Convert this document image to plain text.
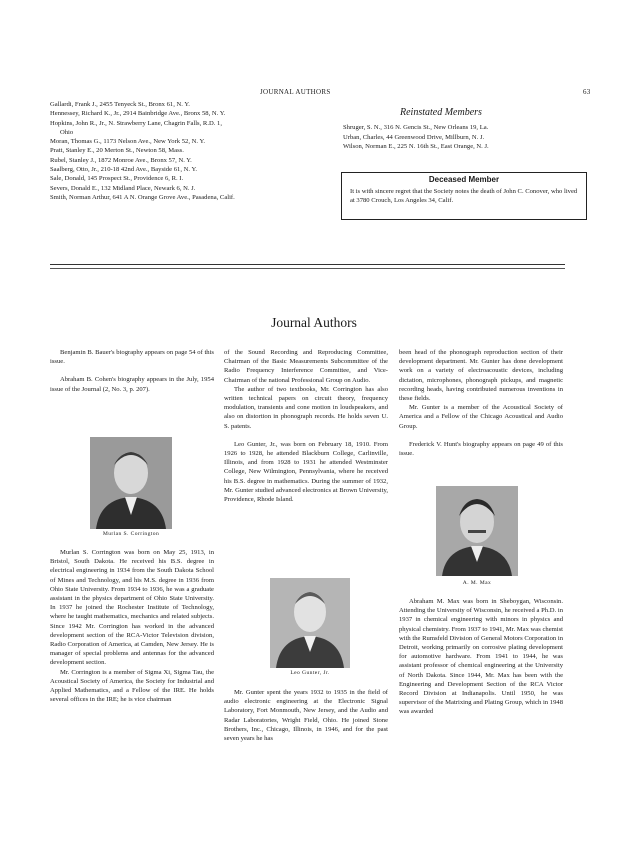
JOURNAL AUTHORS	63
Gallardi, Frank J., 2455 Tenyeck St., Bronx 61, N. Y.
Hennessey, Richard K., Jr., 2914 Bainbridge Ave., Bronx 58, N. Y.
Hopkins, John R., Jr., N. Strawberry Lane, Chagrin Falls, R.D. 1,
Ohio
Moran, Thomas G., 1173 Nelson Ave., New York 52, N. Y.
Pratt, Stanley E., 20 Merton St., Newton 58, Mass.
Rubel, Stanley J., 1872 Monroe Ave., Bronx 57, N. Y.
Saalberg, Otto, Jr., 210-18 42nd Ave., Bayside 61, N. Y.
Sale, Donald, 145 Prospect St., Providence 6, R. I.
Severs, Donald E., 132 Midland Place, Newark 6, N. J.
Smith, Norman Arthur, 641 A N. Orange Grove Ave., Pasadena, Calif.
Reinstated Members
Shruger, S. N., 316 N. Gencis St., New Orleans 19, La.
Urban, Charles, 44 Greenwood Drive, Millburn, N. J.
Wilson, Norman E., 225 N. 16th St., East Orange, N. J.
Deceased Member
It is with sincere regret that the Society notes the death of John C. Conover, who lived at 3780 Crouch, Los Angeles 34, Calif.
Journal Authors

Benjamin B. Bauer's biography appears on page 54 of this issue.

Abraham B. Cohen's biography appears in the July, 1954 issue of the Journal (2, No. 3, p. 207).

Murlan S. Corrington

Murlan S. Corrington was born on May 25, 1913, in Bristol, South Dakota. He received his B.S. degree in electrical engineering in 1934 from the South Dakota School of Mines and Technology, and his M.S. degree in 1936 from Ohio State University. From 1934 to 1936, he was a graduate assistant in the physics department of Ohio State University. In 1937 he joined the Rochester Institute of Technology, where he taught mathematics, mechanics and related subjects. Since 1942 Mr. Corrington has worked in the advanced development section of the RCA-Victor Television division, Radio Corporation of America, at Camden, New Jersey. He is manager of special problems and antennas for the advanced development section.

Mr. Corrington is a member of Sigma Xi, Sigma Tau, the Acoustical Society of America, the Society for Industrial and Applied Mathematics, and a Fellow of the IRE. He holds several offices in the IRE; he is vice chairman

of the Sound Recording and Reproducing Committee, Chairman of the Basic Measurements Subcommittee of the Radio Frequency Interference Committee, and Vice-Chairman of the national Professional Group on Audio.

The author of two textbooks, Mr. Corrington has also written technical papers on circuit theory, frequency modulation, transients and cone motion in loudspeakers, and also on distortion in phonograph records. He holds seven U. S. patents.

Leo Gunter, Jr., was born on February 18, 1910. From 1926 to 1928, he attended Blackburn College, Carlinville, Illinois, and from 1928 to 1931 he attended Westminster College, New Wilmington, Pennsylvania, where he received his B.S. degree in mathematics. During the summer of 1932, Mr. Gunter studied advanced electronics at Brown University, Providence, Rhode Island.

Leo Gunter, Jr.

Mr. Gunter spent the years 1932 to 1935 in the field of audio electronic engineering at the Electronic Signal Laboratory, Fort Monmouth, New Jersey, and the Audio and Radar Laboratories, Wright Field, Ohio. He joined Stone Brothers, Inc., Chicago, Illinois, in 1946, and for the past seven years he has

been head of the phonograph reproduction section of their development department. Mr. Gunter has done development work on a variety of electroacoustic devices, including dictation, microphones, phonograph pickups, and magnetic recording heads, having contributed numerous inventions in these fields.

Mr. Gunter is a member of the Acoustical Society of America and a Fellow of the Chicago Acoustical and Audio Group.

Frederick V. Hunt's biography appears on page 49 of this issue.

A. M. Max

Abraham M. Max was born in Sheboygan, Wisconsin. Attending the University of Wisconsin, he received a Ph.D. in 1937 in chemical engineering with minors in physics and physical chemistry. From 1937 to 1941, Mr. Max was chemist with the Rumsfeld Division of General Motors Corporation in Detroit, working primarily on corrosive plating development for automotive hardware. From 1941 to 1944, he was assistant professor of chemical engineering at the University of North Dakota. Since 1944, Mr. Max has been with the Engineering and Development Section of the RCA Victor Record Division at Indianapolis. Until 1950, he was supervisor of the Matrixing and Plating Group, which in 1948 was awarded
